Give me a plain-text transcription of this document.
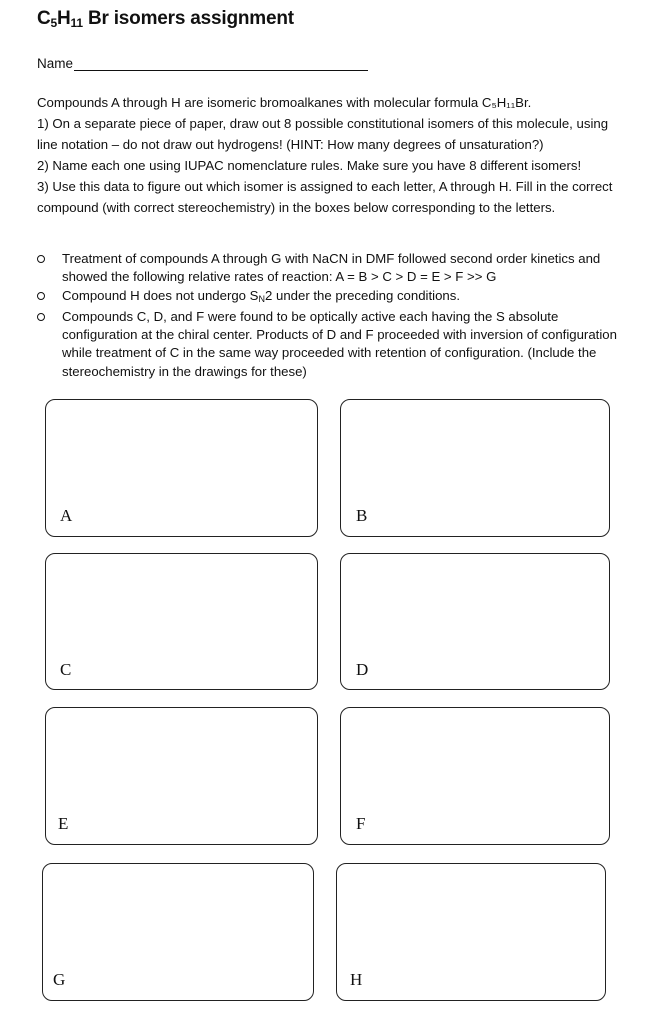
$C_5H_{11}$ Br isomers assignment
Name

Compounds A through H are isomeric bromoalkanes with molecular formula C₅H₁₁Br.

1) On a separate piece of paper, draw out 8 possible constitutional isomers of this molecule, using line notation – do not draw out hydrogens! (HINT: How many degrees of unsaturation?)

2) Name each one using IUPAC nomenclature rules. Make sure you have 8 different isomers!

3) Use this data to figure out which isomer is assigned to each letter, A through H. Fill in the correct compound (with correct stereochemistry) in the boxes below corresponding to the letters.

Treatment of compounds A through G with NaCN in DMF followed second order kinetics and showed the following relative rates of reaction: A = B > C > D = E > F >> G
Compound H does not undergo $S_N2$ under the preceding conditions.
Compounds C, D, and F were found to be optically active each having the S absolute configuration at the chiral center. Products of D and F proceeded with inversion of configuration while treatment of C in the same way proceeded with retention of configuration. (Include the stereochemistry in the drawings for these)
A	B
C	D
E	F
G	H
